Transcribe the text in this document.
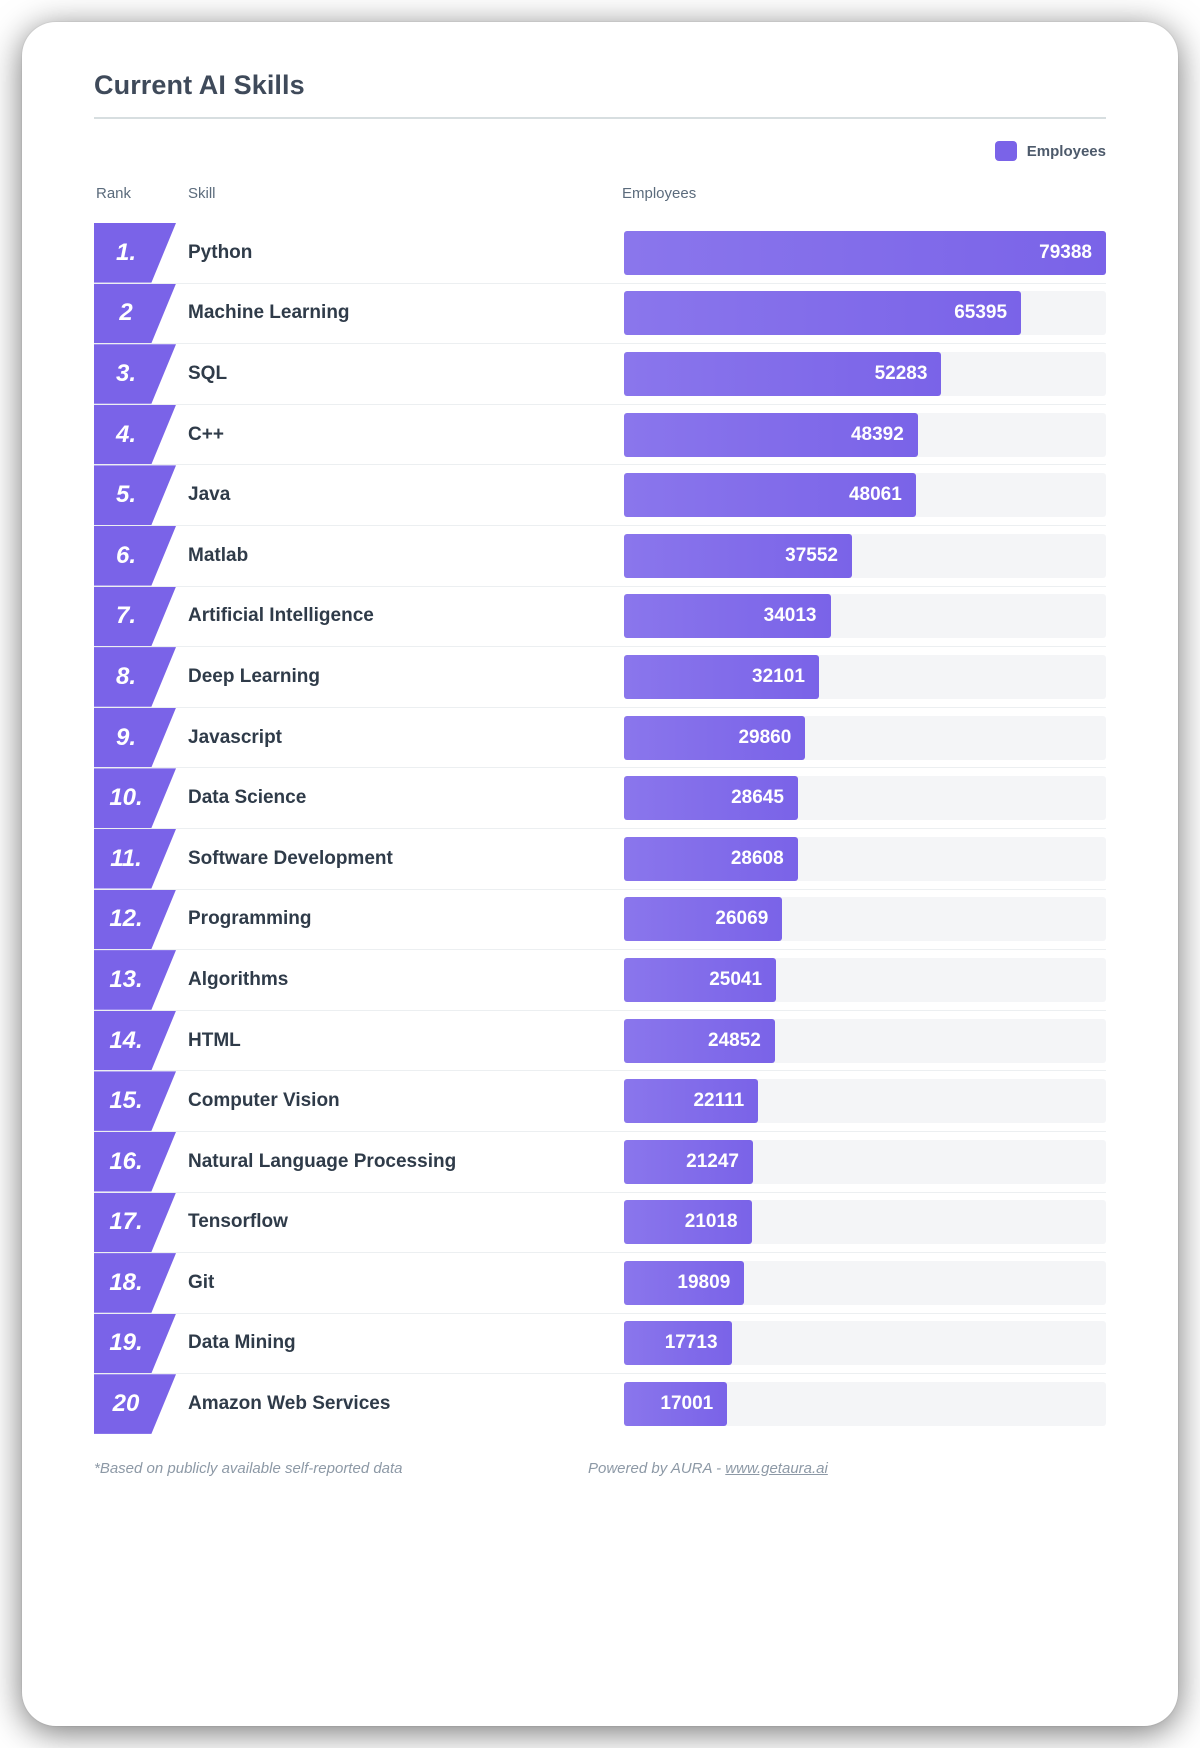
Current AI Skills
Employees
Rank	Skill	Employees
1.	Python	79388
2	Machine Learning	65395
3.	SQL	52283
4.	C++	48392
5.	Java	48061
6.	Matlab	37552
7.	Artificial Intelligence	34013
8.	Deep Learning	32101
9.	Javascript	29860
10.	Data Science	28645
11.	Software Development	28608
12.	Programming	26069
13.	Algorithms	25041
14.	HTML	24852
15.	Computer Vision	22111
16.	Natural Language Processing	21247
17.	Tensorflow	21018
18.	Git	19809
19.	Data Mining	17713
20	Amazon Web Services	17001
*Based on publicly available self-reported data	Powered by AURA - www.getaura.ai
